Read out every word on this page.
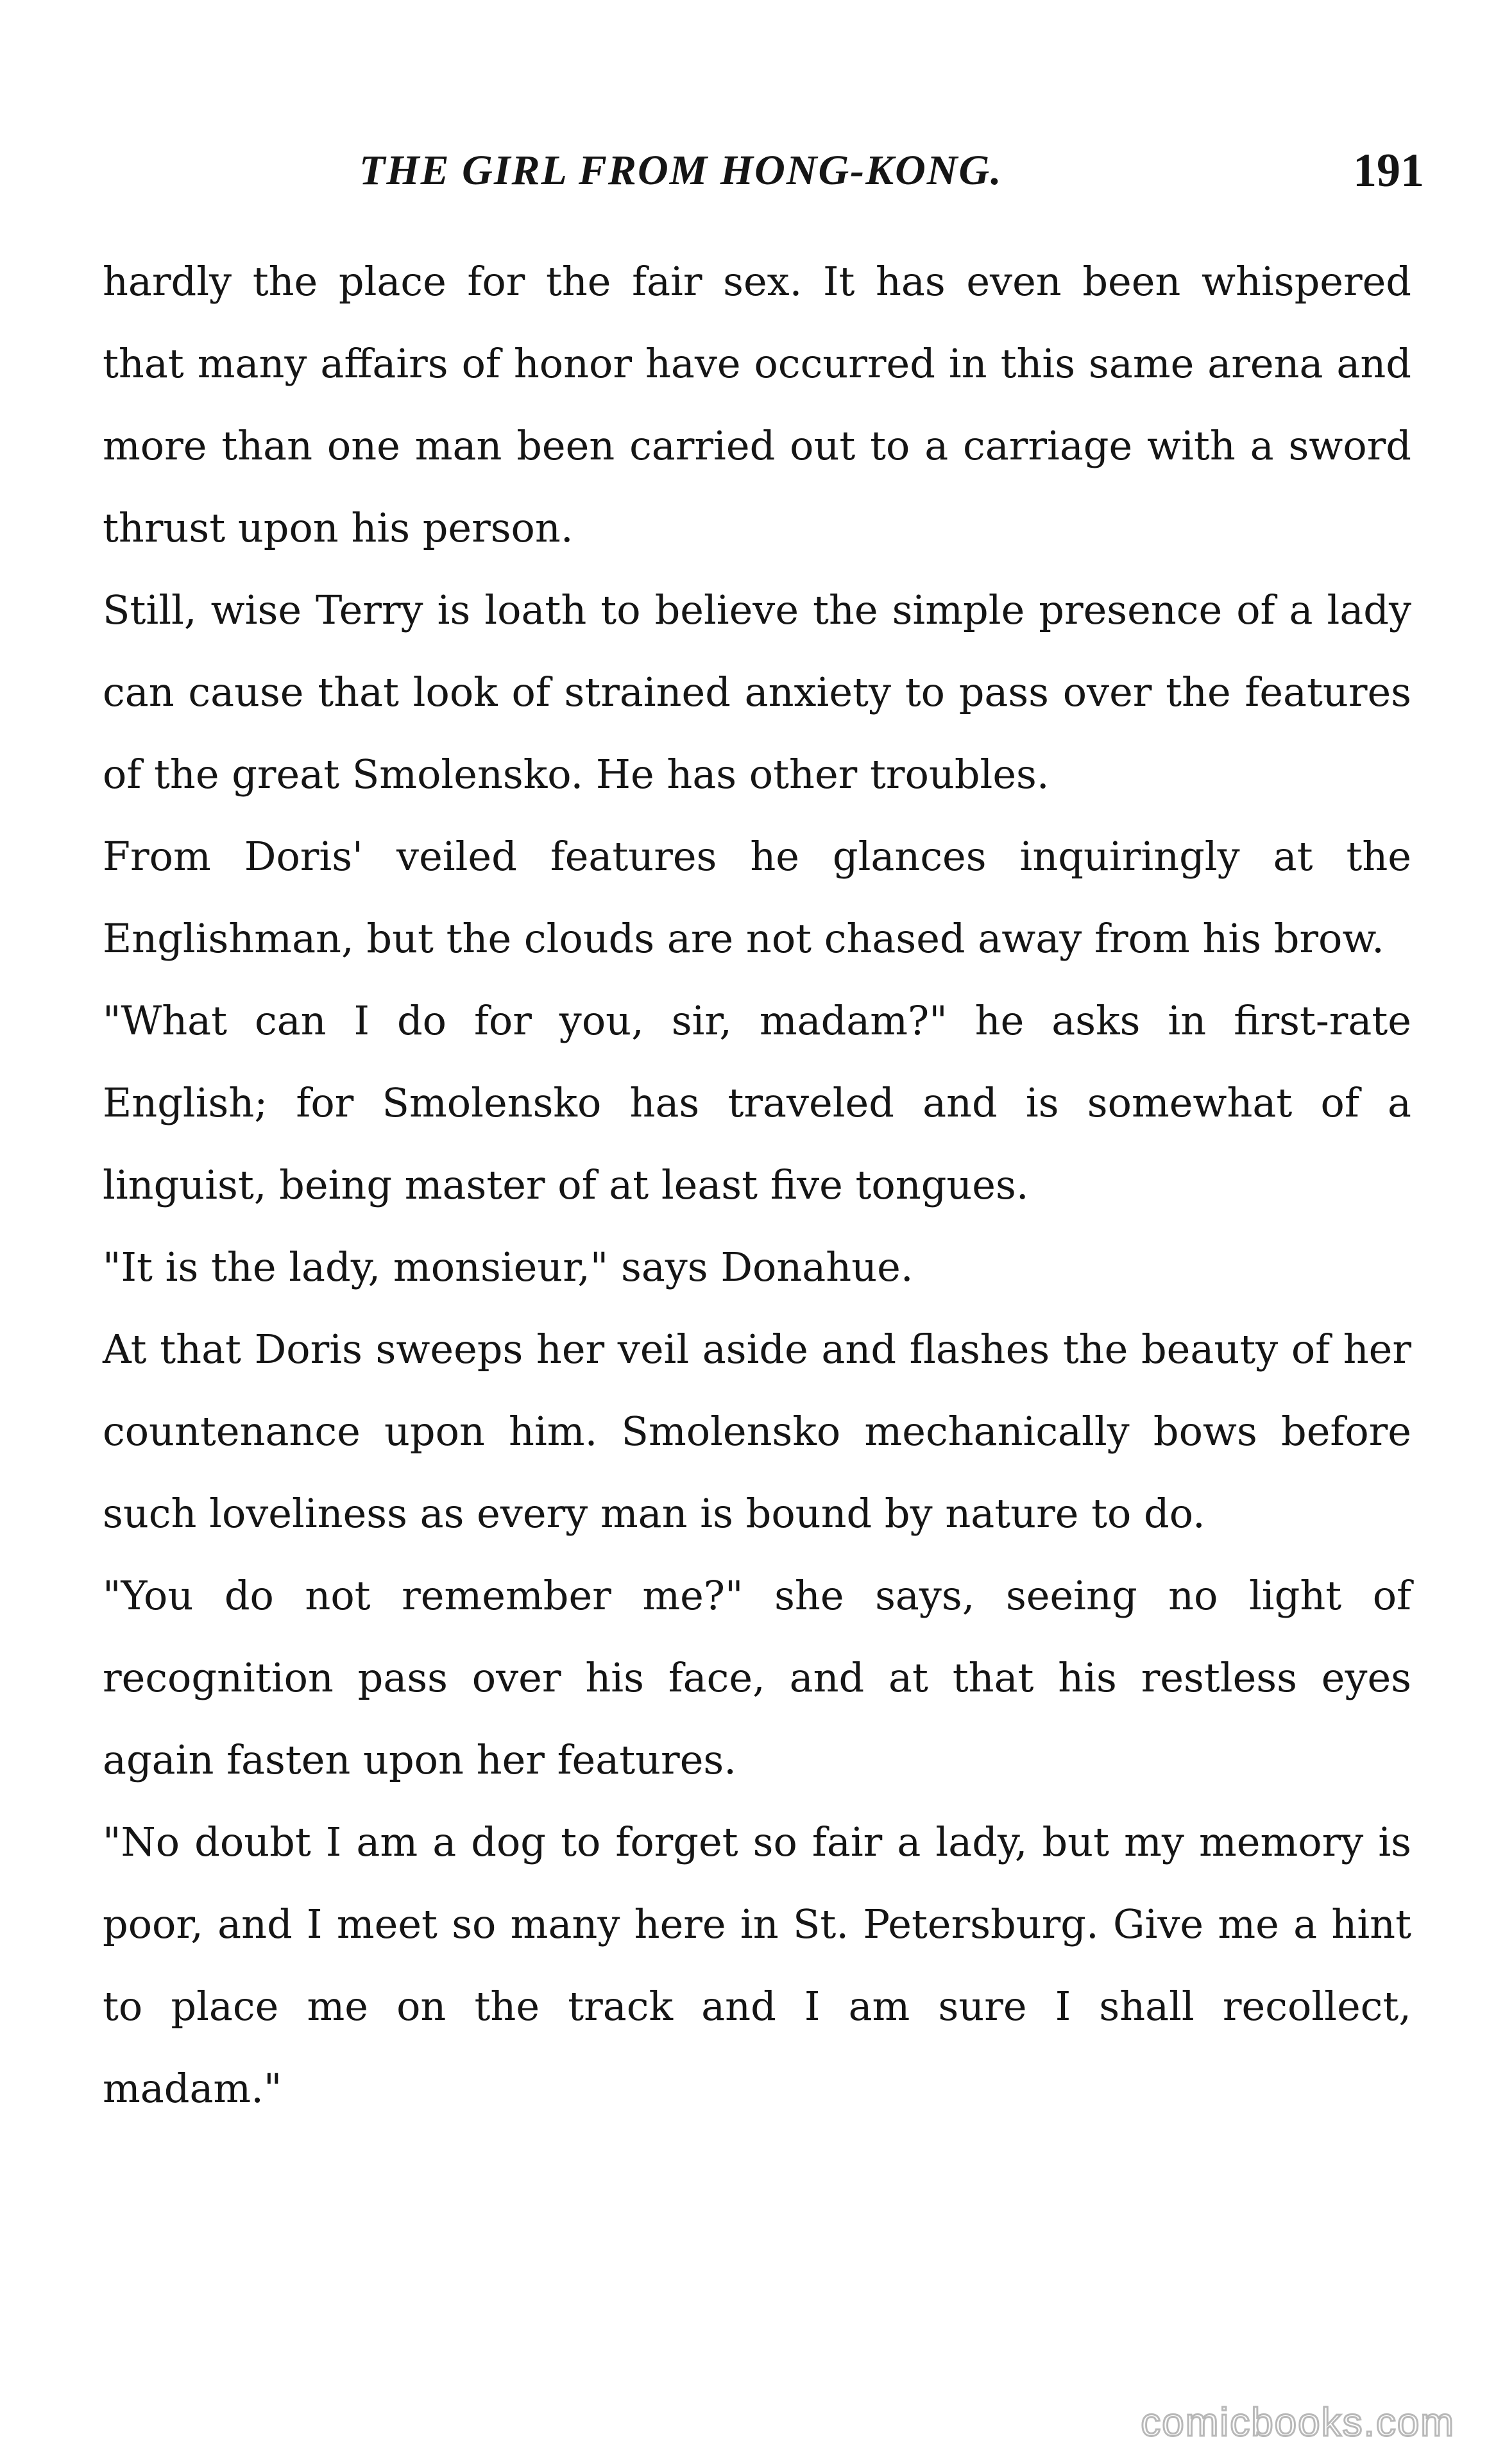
THE GIRL FROM HONG-KONG.	191

hardly the place for the fair sex. It has even been whispered that many affairs of honor have occurred in this same arena and more than one man been carried out to a carriage with a sword thrust upon his person.

Still, wise Terry is loath to believe the simple presence of a lady can cause that look of strained anxiety to pass over the features of the great Smolensko. He has other troubles.

From Doris' veiled features he glances inquiringly at the Englishman, but the clouds are not chased away from his brow.

"What can I do for you, sir, madam?" he asks in first-rate English; for Smolensko has traveled and is somewhat of a linguist, being master of at least five tongues.

"It is the lady, monsieur," says Donahue.

At that Doris sweeps her veil aside and flashes the beauty of her countenance upon him. Smolensko mechanically bows before such loveliness as every man is bound by nature to do.

"You do not remember me?" she says, seeing no light of recognition pass over his face, and at that his restless eyes again fasten upon her features.

"No doubt I am a dog to forget so fair a lady, but my memory is poor, and I meet so many here in St. Petersburg. Give me a hint to place me on the track and I am sure I shall recollect, madam."

comicbooks.com
